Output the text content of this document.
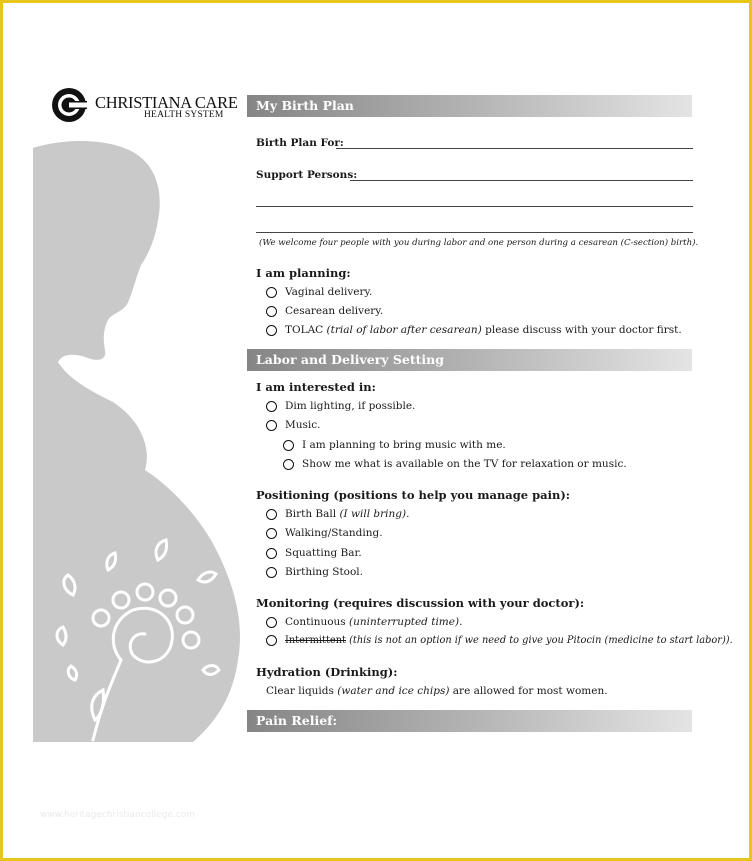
CHRISTIANA CARE
HEALTH SYSTEM
My Birth Plan
Birth Plan For:
Support Persons:
(We welcome four people with you during labor and one person during a cesarean (C-section) birth).
I am planning:
Vaginal delivery.
Cesarean delivery.
TOLAC (trial of labor after cesarean) please discuss with your doctor first.
Labor and Delivery Setting
I am interested in:
Dim lighting, if possible.
Music.
I am planning to bring music with me.
Show me what is available on the TV for relaxation or music.
Positioning (positions to help you manage pain):
Birth Ball (I will bring).
Walking/Standing.
Squatting Bar.
Birthing Stool.
Monitoring (requires discussion with your doctor):
Continuous (uninterrupted time).
Intermittent (this is not an option if we need to give you Pitocin (medicine to start labor)).
Hydration (Drinking):
Clear liquids (water and ice chips) are allowed for most women.
Pain Relief:
www.heritagechristiancollege.com
